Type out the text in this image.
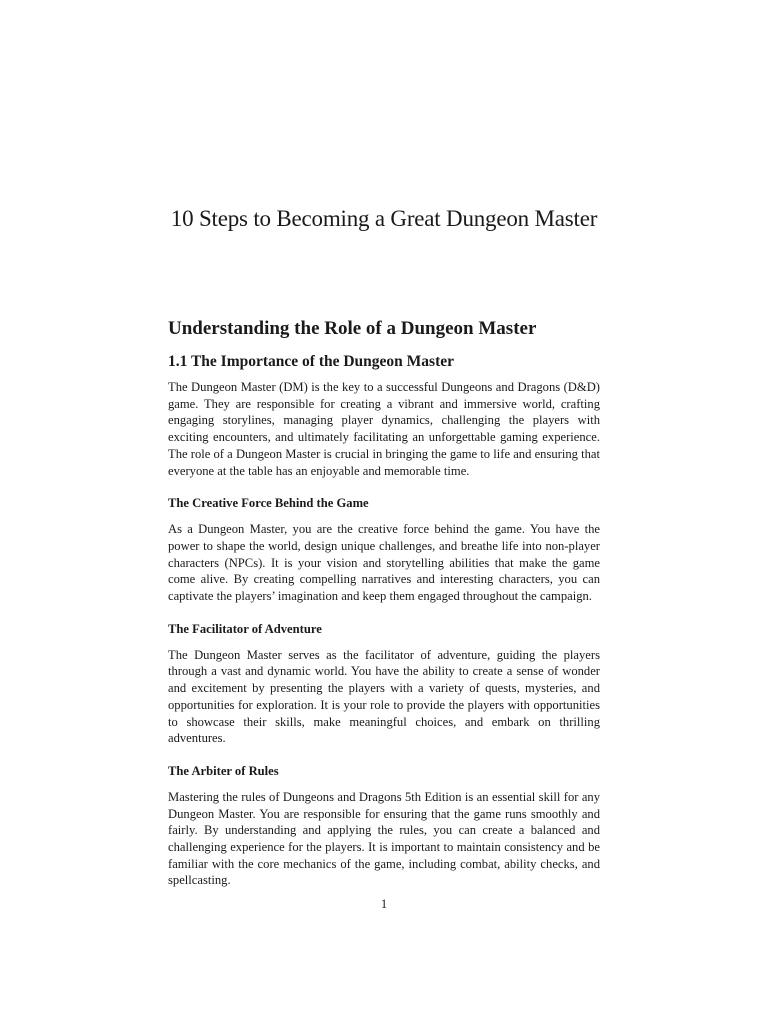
10 Steps to Becoming a Great Dungeon Master
Understanding the Role of a Dungeon Master
1.1 The Importance of the Dungeon Master

The Dungeon Master (DM) is the key to a successful Dungeons and Dragons (D&D) game. They are responsible for creating a vibrant and immersive world, crafting engaging storylines, managing player dynamics, challenging the players with exciting encounters, and ultimately facilitating an unforgettable gaming experience. The role of a Dungeon Master is crucial in bringing the game to life and ensuring that everyone at the table has an enjoyable and memorable time.

The Creative Force Behind the Game

As a Dungeon Master, you are the creative force behind the game. You have the power to shape the world, design unique challenges, and breathe life into non-player characters (NPCs). It is your vision and storytelling abilities that make the game come alive. By creating compelling narratives and interesting characters, you can captivate the players’ imagination and keep them engaged throughout the campaign.

The Facilitator of Adventure

The Dungeon Master serves as the facilitator of adventure, guiding the players through a vast and dynamic world. You have the ability to create a sense of wonder and excitement by presenting the players with a variety of quests, mysteries, and opportunities for exploration. It is your role to provide the players with opportunities to showcase their skills, make meaningful choices, and embark on thrilling adventures.

The Arbiter of Rules

Mastering the rules of Dungeons and Dragons 5th Edition is an essential skill for any Dungeon Master. You are responsible for ensuring that the game runs smoothly and fairly. By understanding and applying the rules, you can create a balanced and challenging experience for the players. It is important to maintain consistency and be familiar with the core mechanics of the game, including combat, ability checks, and spellcasting.

1
